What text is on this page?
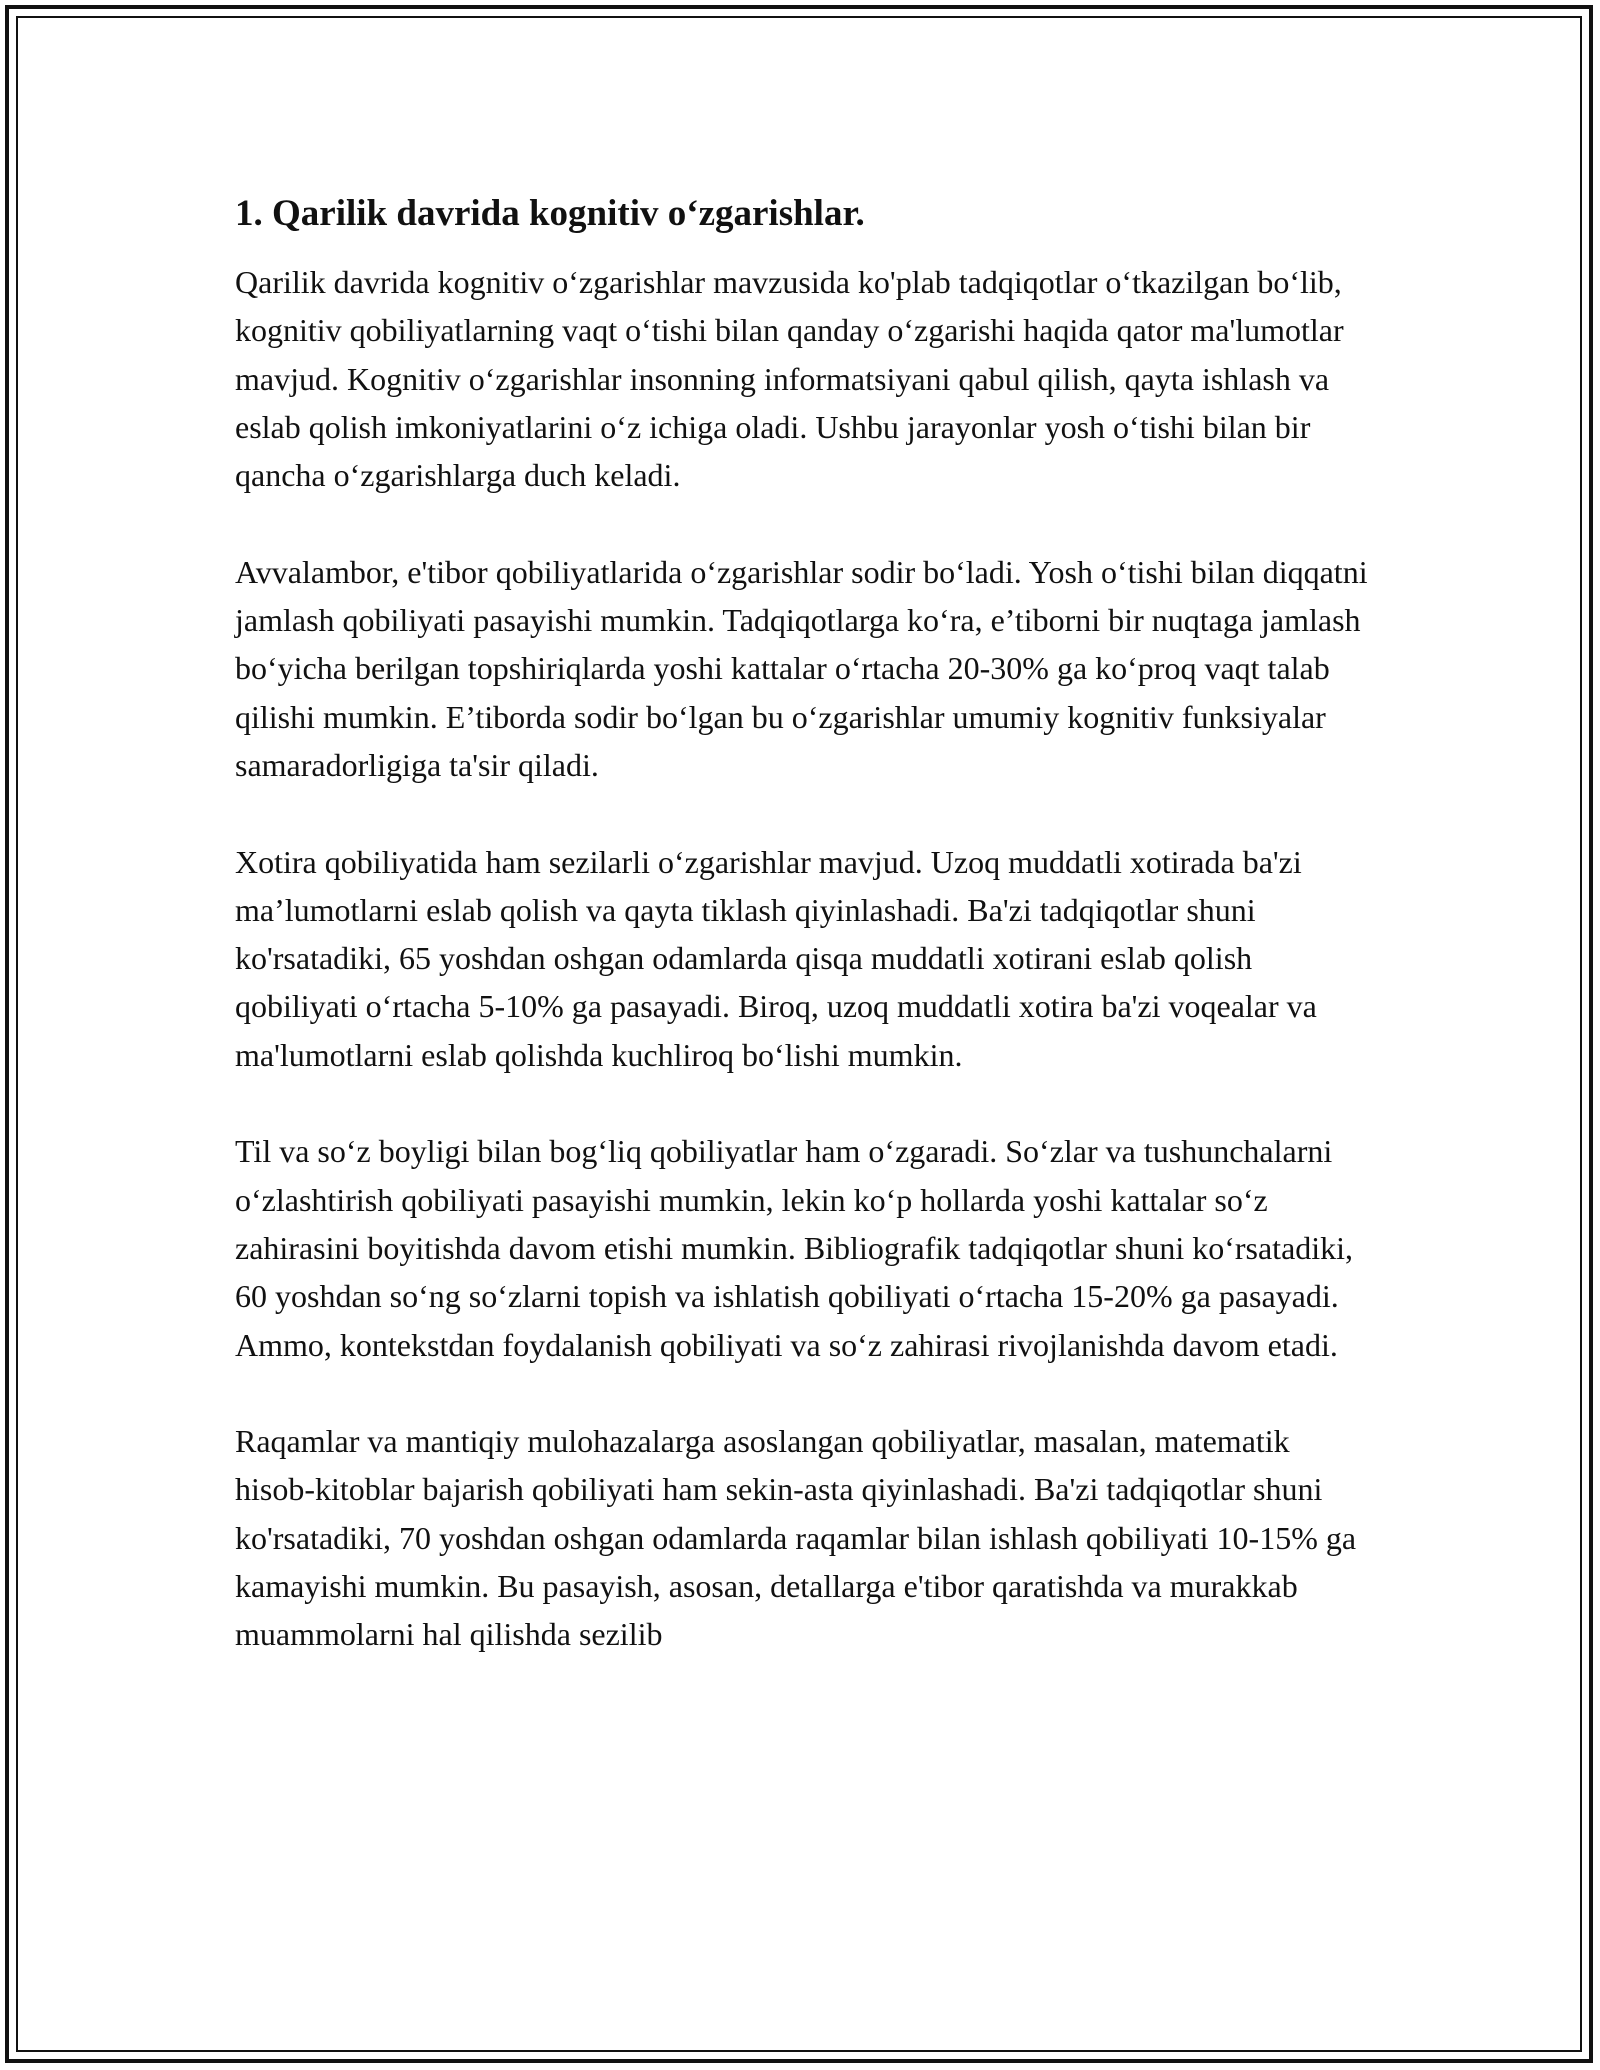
1. Qarilik davrida kognitiv o‘zgarishlar.

Qarilik davrida kognitiv o‘zgarishlar mavzusida ko'plab tadqiqotlar o‘tkazilgan bo‘lib, kognitiv qobiliyatlarning vaqt o‘tishi bilan qanday o‘zgarishi haqida qator ma'lumotlar mavjud. Kognitiv o‘zgarishlar insonning informatsiyani qabul qilish, qayta ishlash va eslab qolish imkoniyatlarini o‘z ichiga oladi. Ushbu jarayonlar yosh o‘tishi bilan bir qancha o‘zgarishlarga duch keladi.

Avvalambor, e'tibor qobiliyatlarida o‘zgarishlar sodir bo‘ladi. Yosh o‘tishi bilan diqqatni jamlash qobiliyati pasayishi mumkin. Tadqiqotlarga ko‘ra, e’tiborni bir nuqtaga jamlash bo‘yicha berilgan topshiriqlarda yoshi kattalar o‘rtacha 20-30% ga ko‘proq vaqt talab qilishi mumkin. E’tiborda sodir bo‘lgan bu o‘zgarishlar umumiy kognitiv funksiyalar samaradorligiga ta'sir qiladi.

Xotira qobiliyatida ham sezilarli o‘zgarishlar mavjud. Uzoq muddatli xotirada ba'zi ma’lumotlarni eslab qolish va qayta tiklash qiyinlashadi. Ba'zi tadqiqotlar shuni ko'rsatadiki, 65 yoshdan oshgan odamlarda qisqa muddatli xotirani eslab qolish qobiliyati o‘rtacha 5-10% ga pasayadi. Biroq, uzoq muddatli xotira ba'zi voqealar va ma'lumotlarni eslab qolishda kuchliroq bo‘lishi mumkin.

Til va so‘z boyligi bilan bog‘liq qobiliyatlar ham o‘zgaradi. So‘zlar va tushunchalarni o‘zlashtirish qobiliyati pasayishi mumkin, lekin ko‘p hollarda yoshi kattalar so‘z zahirasini boyitishda davom etishi mumkin. Bibliografik tadqiqotlar shuni ko‘rsatadiki, 60 yoshdan so‘ng so‘zlarni topish va ishlatish qobiliyati o‘rtacha 15-20% ga pasayadi. Ammo, kontekstdan foydalanish qobiliyati va so‘z zahirasi rivojlanishda davom etadi.

Raqamlar va mantiqiy mulohazalarga asoslangan qobiliyatlar, masalan, matematik hisob-kitoblar bajarish qobiliyati ham sekin-asta qiyinlashadi. Ba'zi tadqiqotlar shuni ko'rsatadiki, 70 yoshdan oshgan odamlarda raqamlar bilan ishlash qobiliyati 10-15% ga kamayishi mumkin. Bu pasayish, asosan, detallarga e'tibor qaratishda va murakkab muammolarni hal qilishda sezilib
